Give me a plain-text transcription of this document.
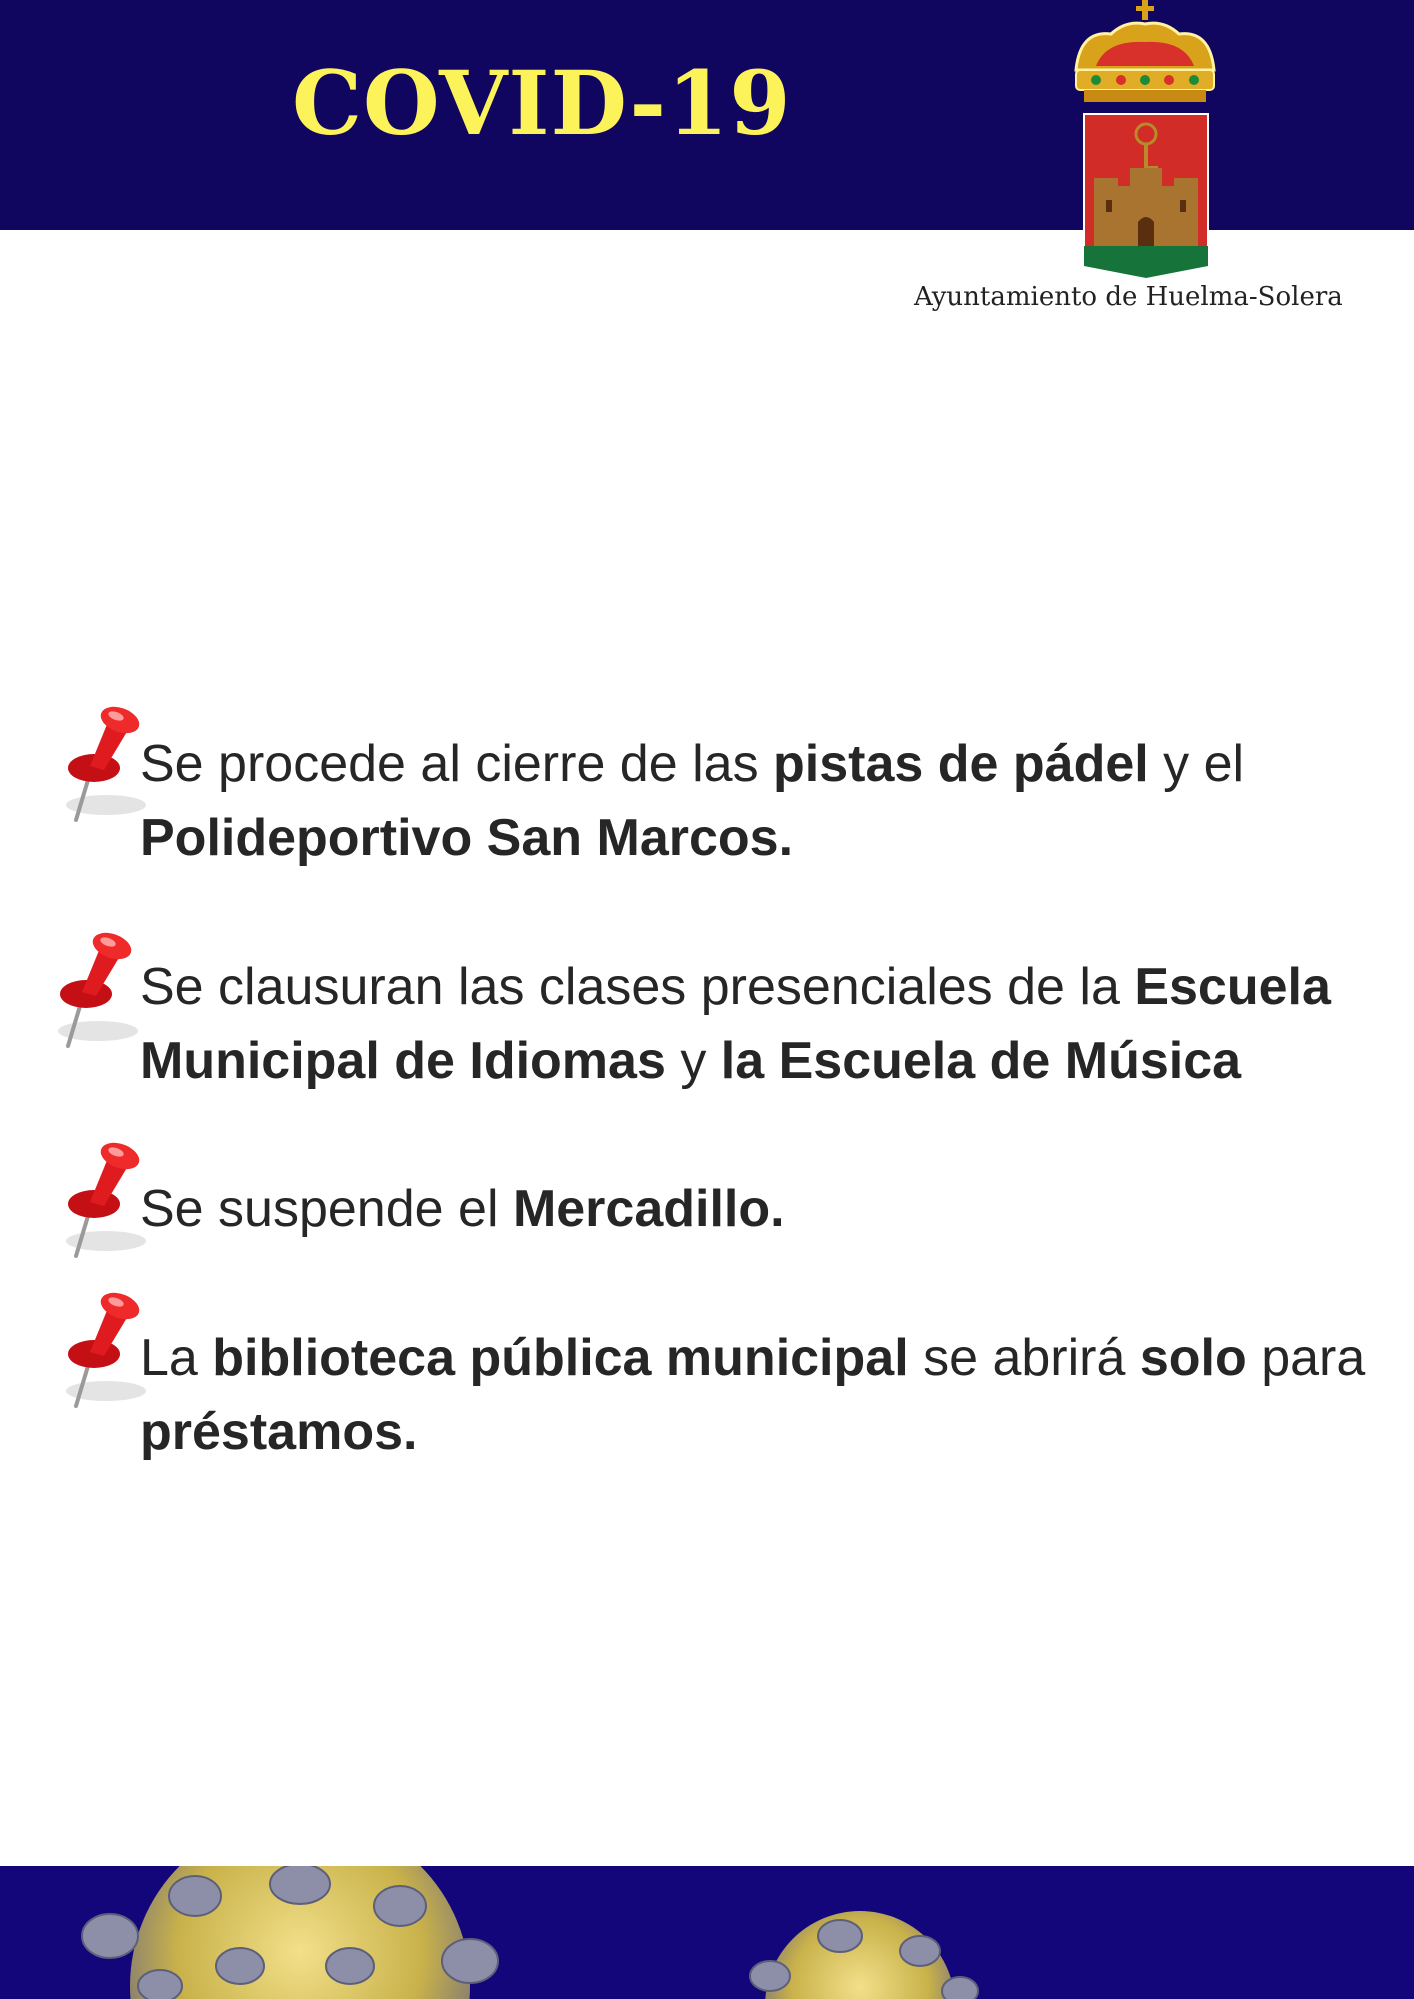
COVID-19
Ayuntamiento de Huelma-Solera
Se procede al cierre de las pistas de pádel y el Polideportivo San Marcos.
Se clausuran las clases presenciales de la Escuela Municipal de Idiomas y la Escuela de Música
Se suspende el Mercadillo.
La biblioteca pública municipal se abrirá solo para préstamos.
